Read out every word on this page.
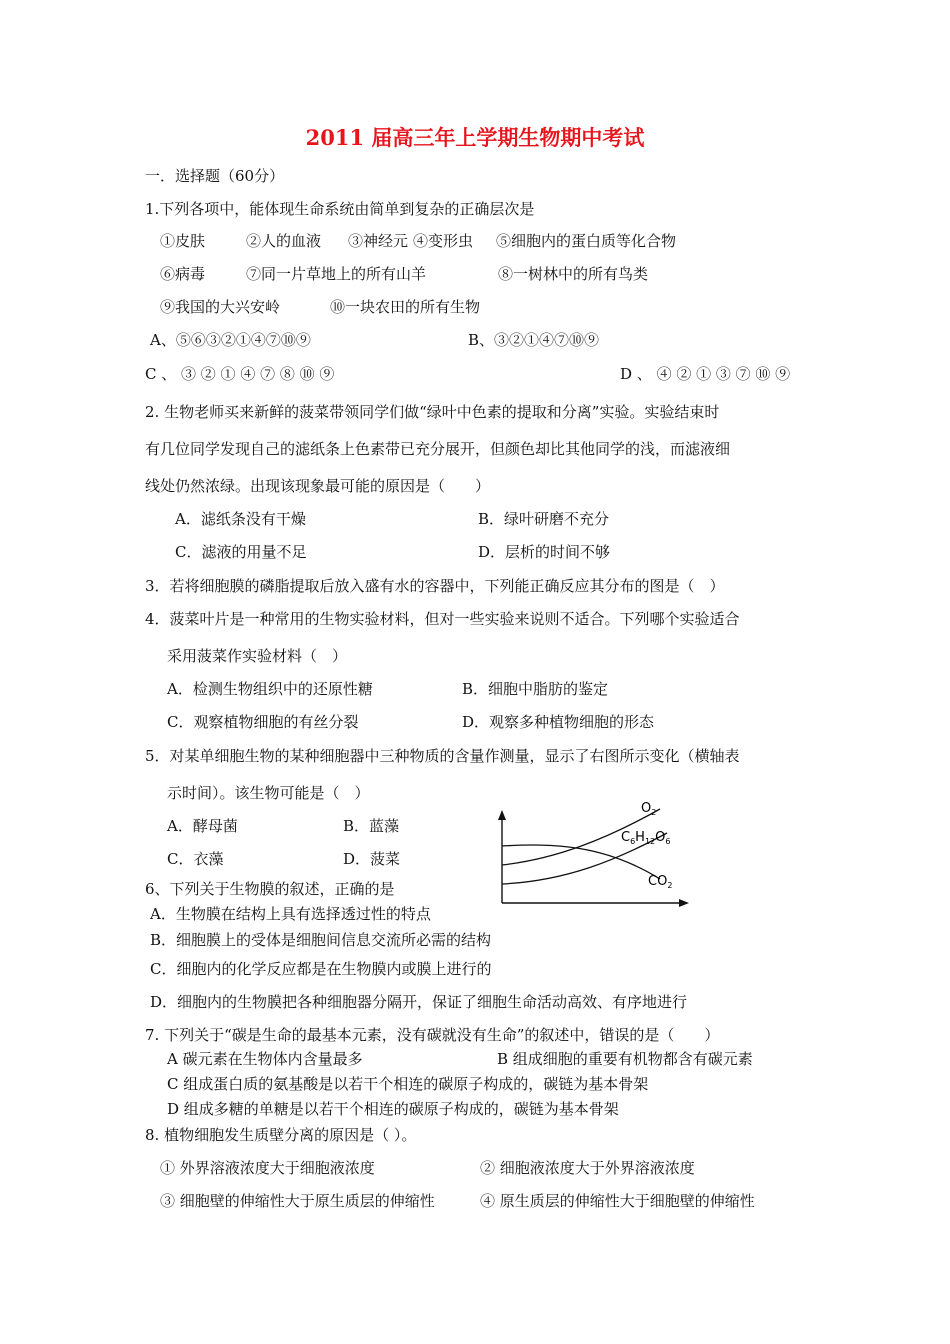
2011 届高三年上学期生物期中考试
一．选择题（60分）
1.下列各项中，能体现生命系统由简单到复杂的正确层次是
①皮肤	②人的血液 ③神经元 ④变形虫 ⑤细胞内的蛋白质等化合物
⑥病毒	⑦同一片草地上的所有山羊	⑧一树林中的所有鸟类
⑨我国的大兴安岭	⑩一块农田的所有生物
A、⑤⑥③②①④⑦⑩⑨	B、③②①④⑦⑩⑨
C 、 ③ ② ① ④ ⑦ ⑧ ⑩ ⑨	D 、 ④ ② ① ③ ⑦ ⑩ ⑨
2. 生物老师买来新鲜的菠菜带领同学们做“绿叶中色素的提取和分离”实验。实验结束时
有几位同学发现自己的滤纸条上色素带已充分展开，但颜色却比其他同学的浅，而滤液细
线处仍然浓绿。出现该现象最可能的原因是（　　）
A．滤纸条没有干燥	B．绿叶研磨不充分
C．滤液的用量不足	D．层析的时间不够
3．若将细胞膜的磷脂提取后放入盛有水的容器中，下列能正确反应其分布的图是（　）
4．菠菜叶片是一种常用的生物实验材料，但对一些实验来说则不适合。下列哪个实验适合
采用菠菜作实验材料（　）
A．检测生物组织中的还原性糖	B．细胞中脂肪的鉴定
C．观察植物细胞的有丝分裂	D．观察多种植物细胞的形态
5．对某单细胞生物的某种细胞器中三种物质的含量作测量，显示了右图所示变化（横轴表
示时间）。该生物可能是（　）
A．酵母菌	B．蓝藻
C．衣藻	D．菠菜
$O_2$
$C_6H_{12}O_6$
$CO_2$
6、下列关于生物膜的叙述，正确的是
A．生物膜在结构上具有选择透过性的特点
B．细胞膜上的受体是细胞间信息交流所必需的结构
C．细胞内的化学反应都是在生物膜内或膜上进行的
D．细胞内的生物膜把各种细胞器分隔开，保证了细胞生命活动高效、有序地进行
7. 下列关于“碳是生命的最基本元素，没有碳就没有生命”的叙述中，错误的是（　　）
A 碳元素在生物体内含量最多	B 组成细胞的重要有机物都含有碳元素
C 组成蛋白质的氨基酸是以若干个相连的碳原子构成的，碳链为基本骨架
D 组成多糖的单糖是以若干个相连的碳原子构成的，碳链为基本骨架
8. 植物细胞发生质壁分离的原因是（ ）。
① 外界溶液浓度大于细胞液浓度	② 细胞液浓度大于外界溶液浓度
③ 细胞壁的伸缩性大于原生质层的伸缩性	④ 原生质层的伸缩性大于细胞壁的伸缩性
